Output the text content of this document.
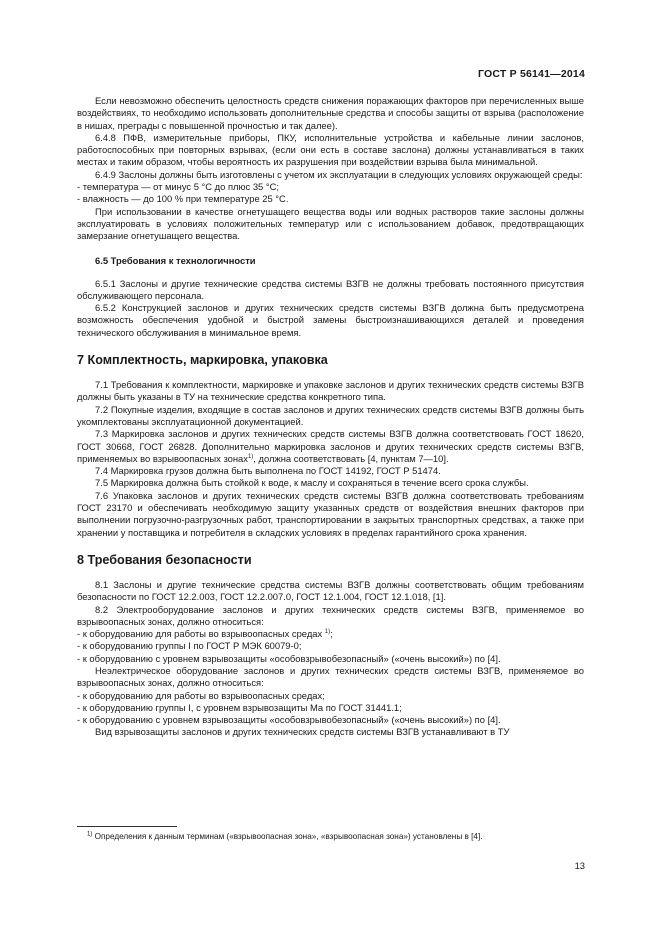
ГОСТ Р 56141—2014

Если невозможно обеспечить целостность средств снижения поражающих факторов при перечисленных выше воздействиях, то необходимо использовать дополнительные средства и способы защиты от взрыва (расположение в нишах, преграды с повышенной прочностью и так далее).

6.4.8 ПФВ, измерительные приборы, ПКУ, исполнительные устройства и кабельные линии заслонов, работоспособных при повторных взрывах, (если они есть в составе заслона) должны устанавливаться в таких местах и таким образом, чтобы вероятность их разрушения при воздействии взрыва была минимальной.

6.4.9 Заслоны должны быть изготовлены с учетом их эксплуатации в следующих условиях окружающей среды:

- температура — от минус 5 °С до плюс 35 °С;

- влажность — до 100 % при температуре 25 °С.

При использовании в качестве огнетушащего вещества воды или водных растворов такие заслоны должны эксплуатировать в условиях положительных температур или с использованием добавок, предотвращающих замерзание огнетушащего вещества.

6.5 Требования к технологичности

6.5.1 Заслоны и другие технические средства системы ВЗГВ не должны требовать постоянного присутствия обслуживающего персонала.

6.5.2 Конструкцией заслонов и других технических средств системы ВЗГВ должна быть предусмотрена возможность обеспечения удобной и быстрой замены быстроизнашивающихся деталей и проведения технического обслуживания в минимальное время.

7 Комплектность, маркировка, упаковка

7.1 Требования к комплектности, маркировке и упаковке заслонов и других технических средств системы ВЗГВ должны быть указаны в ТУ на технические средства конкретного типа.

7.2 Покупные изделия, входящие в состав заслонов и других технических средств системы ВЗГВ должны быть укомплектованы эксплуатационной документацией.

7.3 Маркировка заслонов и других технических средств системы ВЗГВ должна соответствовать ГОСТ 18620, ГОСТ 30668, ГОСТ 26828. Дополнительно маркировка заслонов и других технических средств системы ВЗГВ, применяемых во взрывоопасных зонах$^{1)}$, должна соответствовать [4, пунктам 7—10].

7.4 Маркировка грузов должна быть выполнена по ГОСТ 14192, ГОСТ Р 51474.

7.5 Маркировка должна быть стойкой к воде, к маслу и сохраняться в течение всего срока службы.

7.6 Упаковка заслонов и других технических средств системы ВЗГВ должна соответствовать требованиям ГОСТ 23170 и обеспечивать необходимую защиту указанных средств от воздействия внешних факторов при выполнении погрузочно-разгрузочных работ, транспортировании в закрытых транспортных средствах, а также при хранении у поставщика и потребителя в складских условиях в пределах гарантийного срока хранения.

8 Требования безопасности

8.1 Заслоны и другие технические средства системы ВЗГВ должны соответствовать общим требованиям безопасности по ГОСТ 12.2.003, ГОСТ 12.2.007.0, ГОСТ 12.1.004, ГОСТ 12.1.018, [1].

8.2 Электрооборудование заслонов и других технических средств системы ВЗГВ, применяемое во взрывоопасных зонах, должно относиться:

- к оборудованию для работы во взрывоопасных средах $^{1)}$;

- к оборудованию группы I по ГОСТ Р МЭК 60079-0;

- к оборудованию с уровнем взрывозащиты «особовзрывобезопасный» («очень высокий») по [4].

Неэлектрическое оборудование заслонов и других технических средств системы ВЗГВ, применяемое во взрывоопасных зонах, должно относиться:

- к оборудованию для работы во взрывоопасных средах;

- к оборудованию группы I, с уровнем взрывозащиты Ма по ГОСТ 31441.1;

- к оборудованию с уровнем взрывозащиты «особовзрывобезопасный» («очень высокий») по [4].

Вид взрывозащиты заслонов и других технических средств системы ВЗГВ устанавливают в ТУ

$^{1)}$ Определения к данным терминам («взрывоопасная зона», «взрывоопасная зона») установлены в [4].

13
